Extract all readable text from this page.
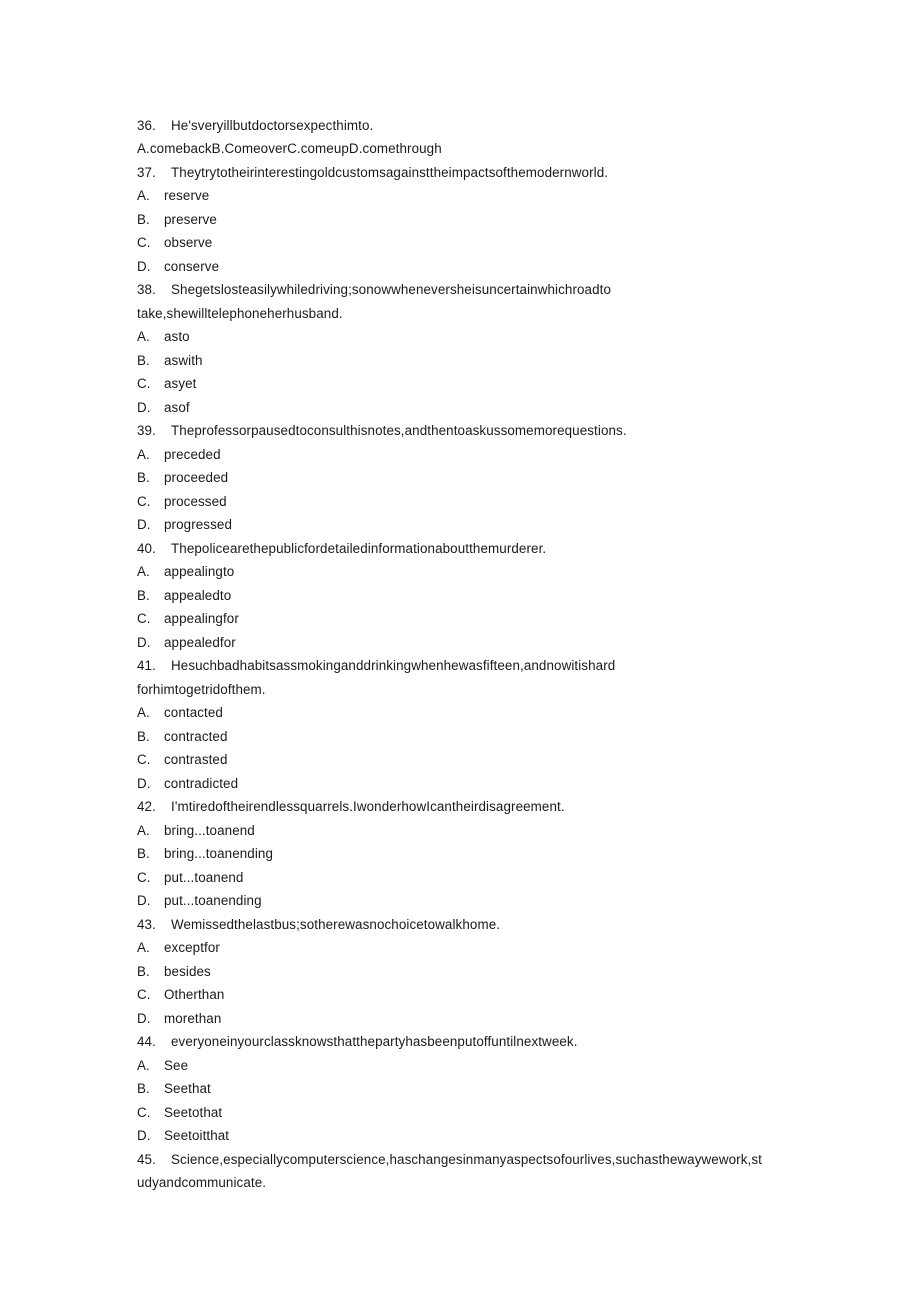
36. He'sveryillbutdoctorsexpecthimto.
A.comebackB.ComeoverC.comeupD.comethrough
37. Theytrytotheirinterestingoldcustomsagainsttheimpactsofthemodernworld.
A. reserve
B. preserve
C. observe
D. conserve
38. Shegetslosteasilywhiledriving;sonowwheneversheisuncertainwhichroadto
take,shewilltelephoneherhusband.
A. asto
B. aswith
C. asyet
D. asof
39. Theprofessorpausedtoconsulthisnotes,andthentoaskussomemorequestions.
A. preceded
B. proceeded
C. processed
D. progressed
40. Thepolicearethepublicfordetailedinformationaboutthemurderer.
A. appealingto
B. appealedto
C. appealingfor
D. appealedfor
41. Hesuchbadhabitsassmokinganddrinkingwhenhewasfifteen,andnowitishard
forhimtogetridofthem.
A. contacted
B. contracted
C. contrasted
D. contradicted
42. I'mtiredoftheirendlessquarrels.IwonderhowIcantheirdisagreement.
A. bring...toanend
B. bring...toanending
C. put...toanend
D. put...toanending
43. Wemissedthelastbus;sotherewasnochoicetowalkhome.
A. exceptfor
B. besides
C. Otherthan
D. morethan
44. everyoneinyourclassknowsthatthepartyhasbeenputoffuntilnextweek.
A. See
B. Seethat
C. Seetothat
D. Seetoitthat
45. Science,especiallycomputerscience,haschangesinmanyaspectsofourlives,suchasthewaywework,st
udyandcommunicate.
